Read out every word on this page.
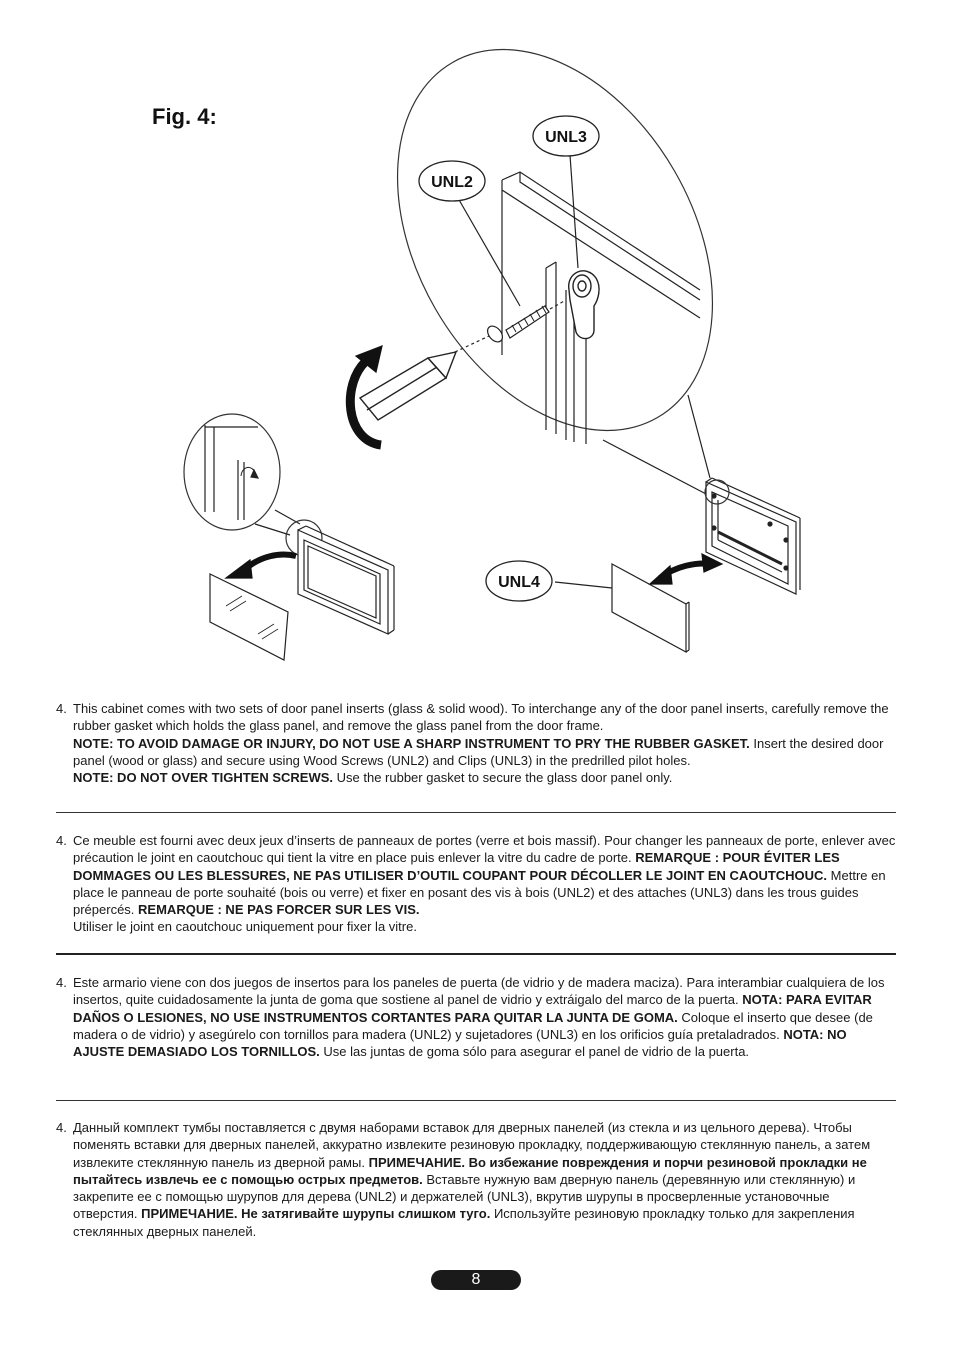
Fig. 4:
UNL3
UNL2
UNL4
4. This cabinet comes with two sets of door panel inserts (glass & solid wood). To interchange any of the door panel inserts, carefully remove the rubber gasket which holds the glass panel, and remove the glass panel from the door frame.
NOTE: TO AVOID DAMAGE OR INJURY, DO NOT USE A SHARP INSTRUMENT TO PRY THE RUBBER GASKET. Insert the desired door panel (wood or glass) and secure using Wood Screws (UNL2) and Clips (UNL3) in the predrilled pilot holes.
NOTE: DO NOT OVER TIGHTEN SCREWS. Use the rubber gasket to secure the glass door panel only.
4. Ce meuble est fourni avec deux jeux d’inserts de panneaux de portes (verre et bois massif). Pour changer les panneaux de porte, enlever avec précaution le joint en caoutchouc qui tient la vitre en place puis enlever la vitre du cadre de porte. REMARQUE : POUR ÉVITER LES DOMMAGES OU LES BLESSURES, NE PAS UTILISER D’OUTIL COUPANT POUR DÉCOLLER LE JOINT EN CAOUTCHOUC. Mettre en place le panneau de porte souhaité (bois ou verre) et fixer en posant des vis à bois (UNL2) et des attaches (UNL3) dans les trous guides prépercés. REMARQUE : NE PAS FORCER SUR LES VIS.
Utiliser le joint en caoutchouc uniquement pour fixer la vitre.
4. Este armario viene con dos juegos de insertos para los paneles de puerta (de vidrio y de madera maciza). Para interambiar cualquiera de los insertos, quite cuidadosamente la junta de goma que sostiene al panel de vidrio y extráigalo del marco de la puerta. NOTA: PARA EVITAR DAÑOS O LESIONES, NO USE INSTRUMENTOS CORTANTES PARA QUITAR LA JUNTA DE GOMA. Coloque el inserto que desee (de madera o de vidrio) y asegúrelo con tornillos para madera (UNL2) y sujetadores (UNL3) en los orificios guía pretaladrados. NOTA: NO AJUSTE DEMASIADO LOS TORNILLOS. Use las juntas de goma sólo para asegurar el panel de vidrio de la puerta.
4. Данный комплект тумбы поставляется с двумя наборами вставок для дверных панелей (из стекла и из цельного дерева). Чтобы поменять вставки для дверных панелей, аккуратно извлеките резиновую прокладку, поддерживающую стеклянную панель, а затем извлеките стеклянную панель из дверной рамы. ПРИМЕЧАНИЕ. Во избежание повреждения и порчи резиновой прокладки не пытайтесь извлечь ее с помощью острых предметов. Вставьте нужную вам дверную панель (деревянную или стеклянную) и закрепите ее с помощью шурупов для дерева (UNL2) и держателей (UNL3), вкрутив шурупы в просверленные установочные отверстия. ПРИМЕЧАНИЕ. Не затягивайте шурупы слишком туго. Используйте резиновую прокладку только для закрепления стеклянных дверных панелей.
8
